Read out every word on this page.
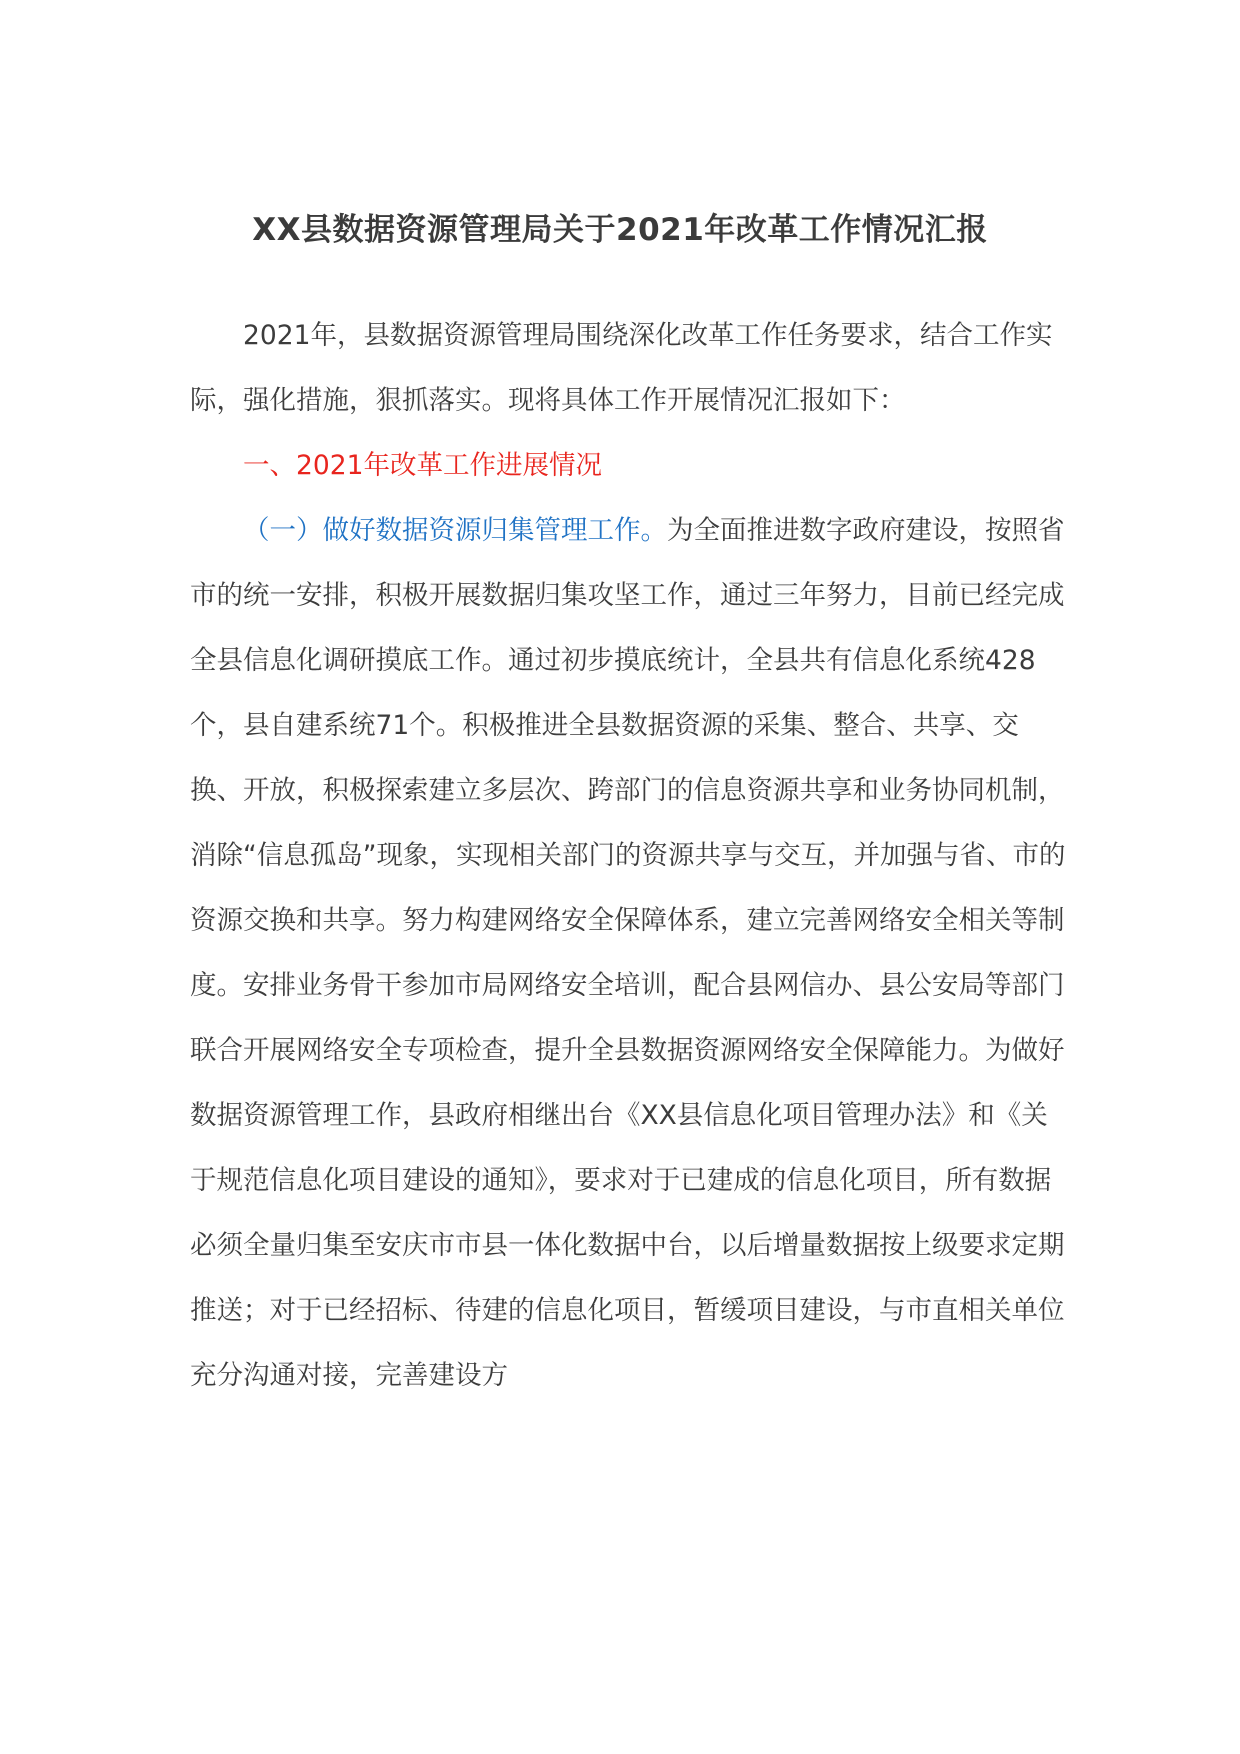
XX县数据资源管理局关于2021年改革工作情况汇报

2021年，县数据资源管理局围绕深化改革工作任务要求，结合工作实际，强化措施，狠抓落实。现将具体工作开展情况汇报如下：

一、2021年改革工作进展情况

（一）做好数据资源归集管理工作。为全面推进数字政府建设，按照省市的统一安排，积极开展数据归集攻坚工作，通过三年努力，目前已经完成全县信息化调研摸底工作。通过初步摸底统计，全县共有信息化系统428个，县自建系统71个。积极推进全县数据资源的采集、整合、共享、交换、开放，积极探索建立多层次、跨部门的信息资源共享和业务协同机制，消除“信息孤岛”现象，实现相关部门的资源共享与交互，并加强与省、市的资源交换和共享。努力构建网络安全保障体系，建立完善网络安全相关等制度。安排业务骨干参加市局网络安全培训，配合县网信办、县公安局等部门联合开展网络安全专项检查，提升全县数据资源网络安全保障能力。为做好数据资源管理工作，县政府相继出台《XX县信息化项目管理办法》和《关于规范信息化项目建设的通知》，要求对于已建成的信息化项目，所有数据必须全量归集至安庆市市县一体化数据中台，以后增量数据按上级要求定期推送；对于已经招标、待建的信息化项目，暂缓项目建设，与市直相关单位充分沟通对接，完善建设方
